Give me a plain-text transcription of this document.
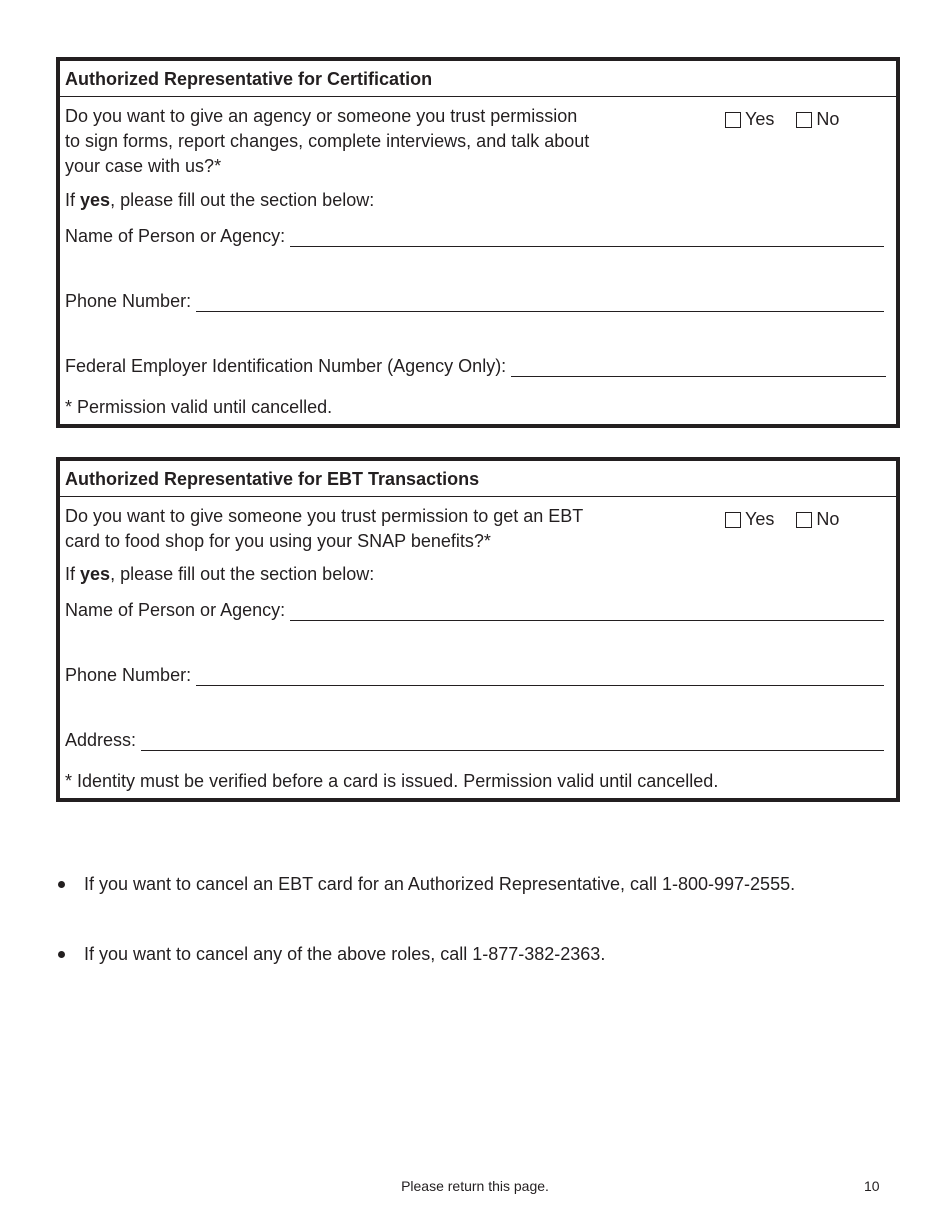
Authorized Representative for Certification
Do you want to give an agency or someone you trust permission
to sign forms, report changes, complete interviews, and talk about
your case with us?*
Yes No
If yes, please fill out the section below:
Name of Person or Agency:
Phone Number:
Federal Employer Identification Number (Agency Only):
* Permission valid until cancelled.
Authorized Representative for EBT Transactions
Do you want to give someone you trust permission to get an EBT
card to food shop for you using your SNAP benefits?*
Yes No
If yes, please fill out the section below:
Name of Person or Agency:
Phone Number:
Address:
* Identity must be verified before a card is issued. Permission valid until cancelled.
If you want to cancel an EBT card for an Authorized Representative, call 1-800-997-2555.
If you want to cancel any of the above roles, call 1-877-382-2363.
Please return this page.	10
